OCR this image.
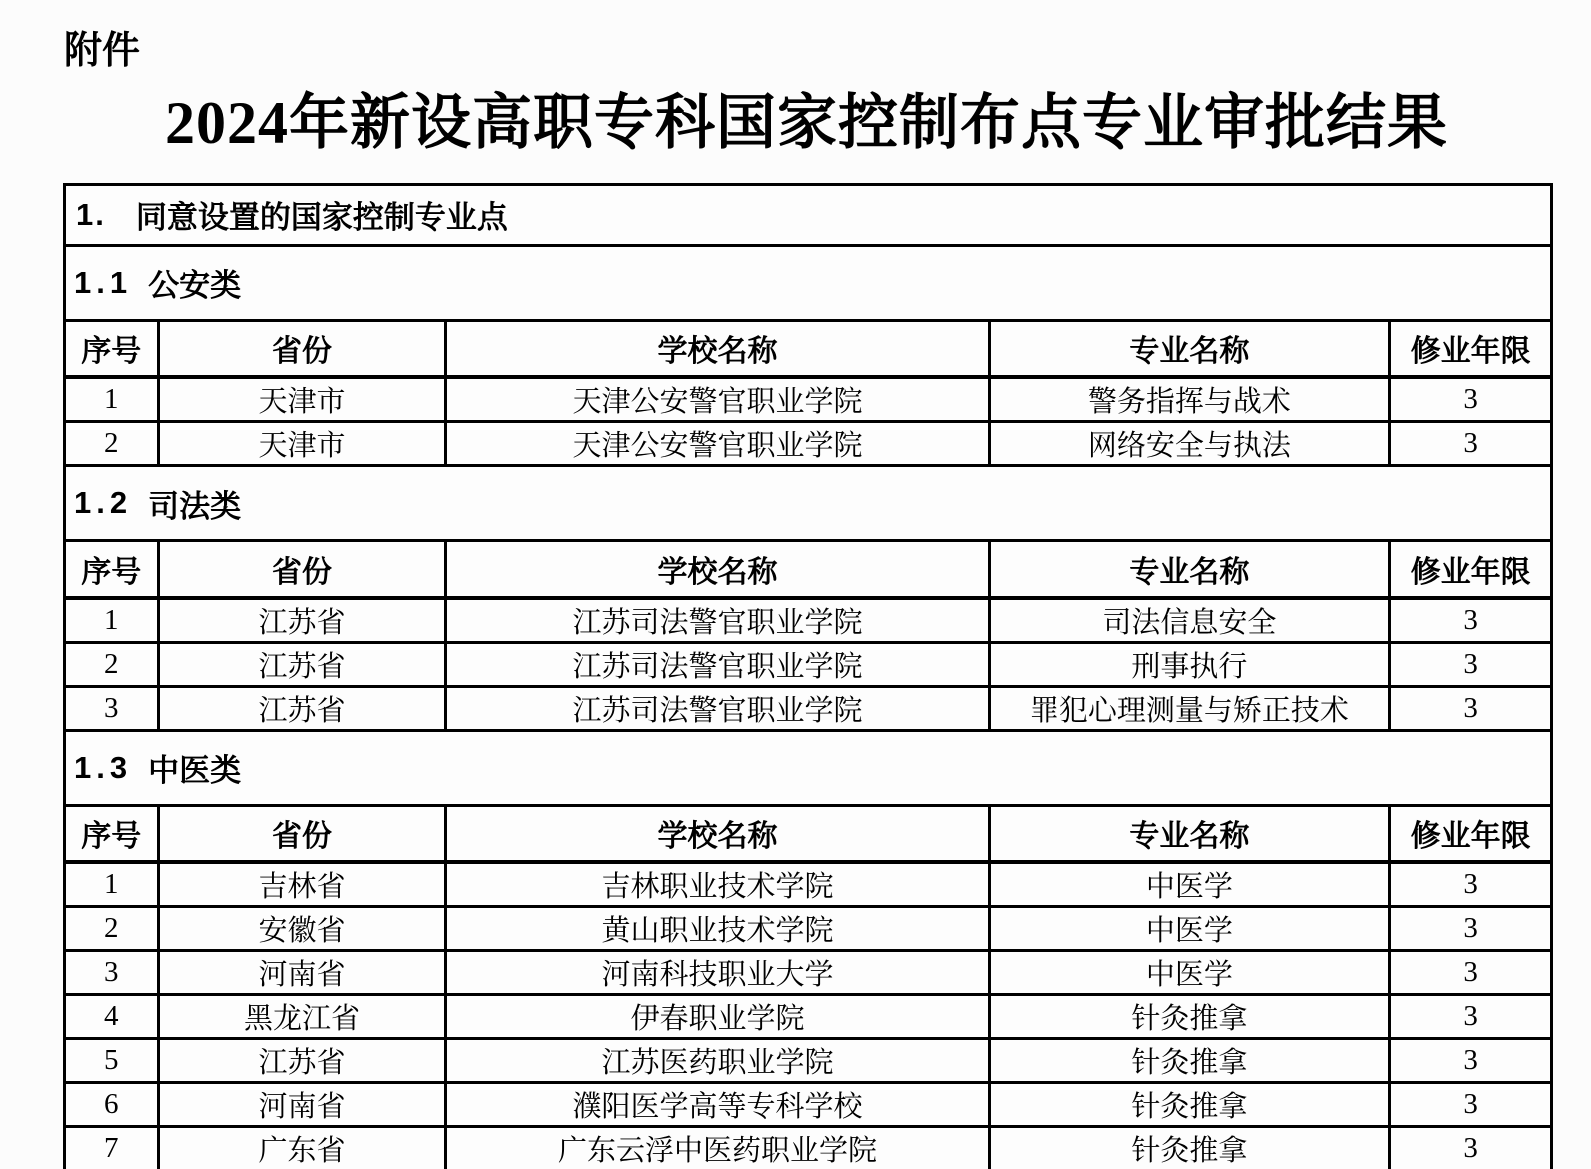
附件
2024年新设高职专科国家控制布点专业审批结果
1. 同意设置的国家控制专业点
1.1 公安类
序号	省份	学校名称	专业名称	修业年限
1	天津市	天津公安警官职业学院	警务指挥与战术	3
2	天津市	天津公安警官职业学院	网络安全与执法	3
1.2 司法类
序号	省份	学校名称	专业名称	修业年限
1	江苏省	江苏司法警官职业学院	司法信息安全	3
2	江苏省	江苏司法警官职业学院	刑事执行	3
3	江苏省	江苏司法警官职业学院	罪犯心理测量与矫正技术	3
1.3 中医类
序号	省份	学校名称	专业名称	修业年限
1	吉林省	吉林职业技术学院	中医学	3
2	安徽省	黄山职业技术学院	中医学	3
3	河南省	河南科技职业大学	中医学	3
4	黑龙江省	伊春职业学院	针灸推拿	3
5	江苏省	江苏医药职业学院	针灸推拿	3
6	河南省	濮阳医学高等专科学校	针灸推拿	3
7	广东省	广东云浮中医药职业学院	针灸推拿	3
